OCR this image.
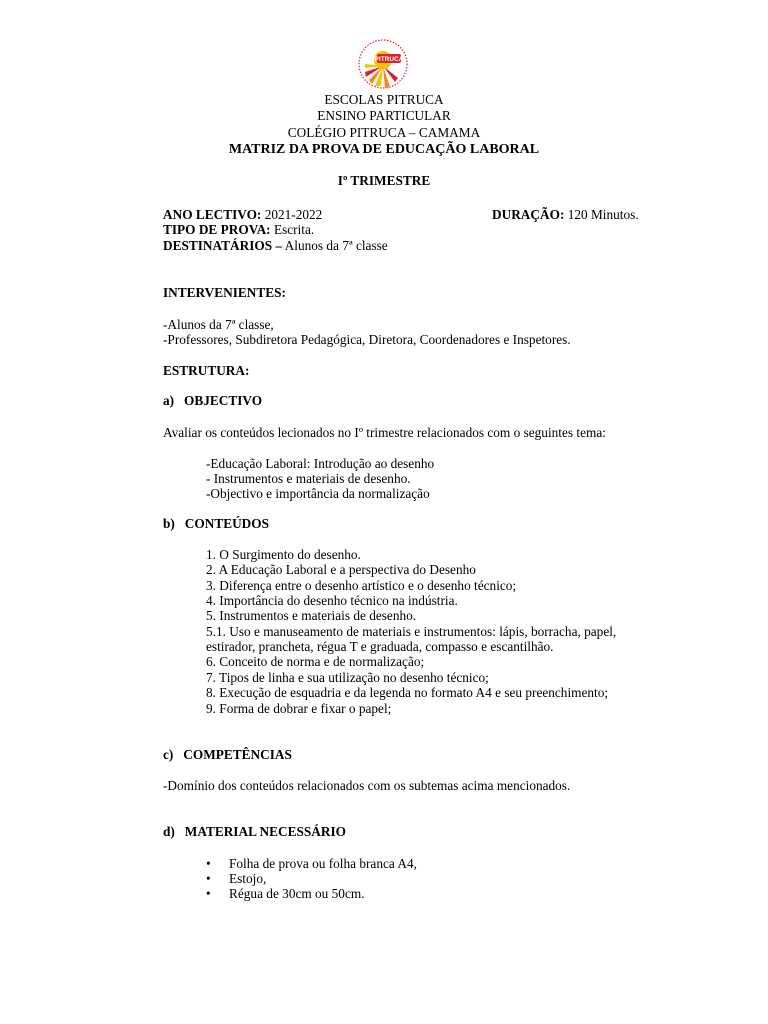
PITRUCA
ESCOLAS PITRUCA
ENSINO PARTICULAR
COLÉGIO PITRUCA – CAMAMA
MATRIZ DA PROVA DE EDUCAÇÃO LABORAL
Iº TRIMESTRE
ANO LECTIVO: 2021-2022	DURAÇÃO: 120 Minutos.
TIPO DE PROVA: Escrita.
DESTINATÁRIOS – Alunos da 7ª classe
INTERVENIENTES:
-Alunos da 7ª classe,
-Professores, Subdiretora Pedagógica, Diretora, Coordenadores e Inspetores.
ESTRUTURA:
a)   OBJECTIVO
Avaliar os conteúdos lecionados no Iº trimestre relacionados com o seguintes tema:
-Educação Laboral: Introdução ao desenho
- Instrumentos e materiais de desenho.
-Objectivo e importância da normalização
b)   CONTEÚDOS
1. O Surgimento do desenho.
2. A Educação Laboral e a perspectiva do Desenho
3. Diferença entre o desenho artístico e o desenho técnico;
4. Importância do desenho técnico na indústria.
5. Instrumentos e materiais de desenho.
5.1. Uso e manuseamento de materiais e instrumentos: lápis, borracha, papel,
estirador, prancheta, régua T e graduada, compasso e escantilhão.
6. Conceito de norma e de normalização;
7. Tipos de linha e sua utilização no desenho técnico;
8. Execução de esquadria e da legenda no formato A4 e seu preenchimento;
9. Forma de dobrar e fixar o papel;
c)   COMPETÊNCIAS
-Domínio dos conteúdos relacionados com os subtemas acima mencionados.
d)   MATERIAL NECESSÁRIO
• Folha de prova ou folha branca A4,
• Estojo,
• Régua de 30cm ou 50cm.
